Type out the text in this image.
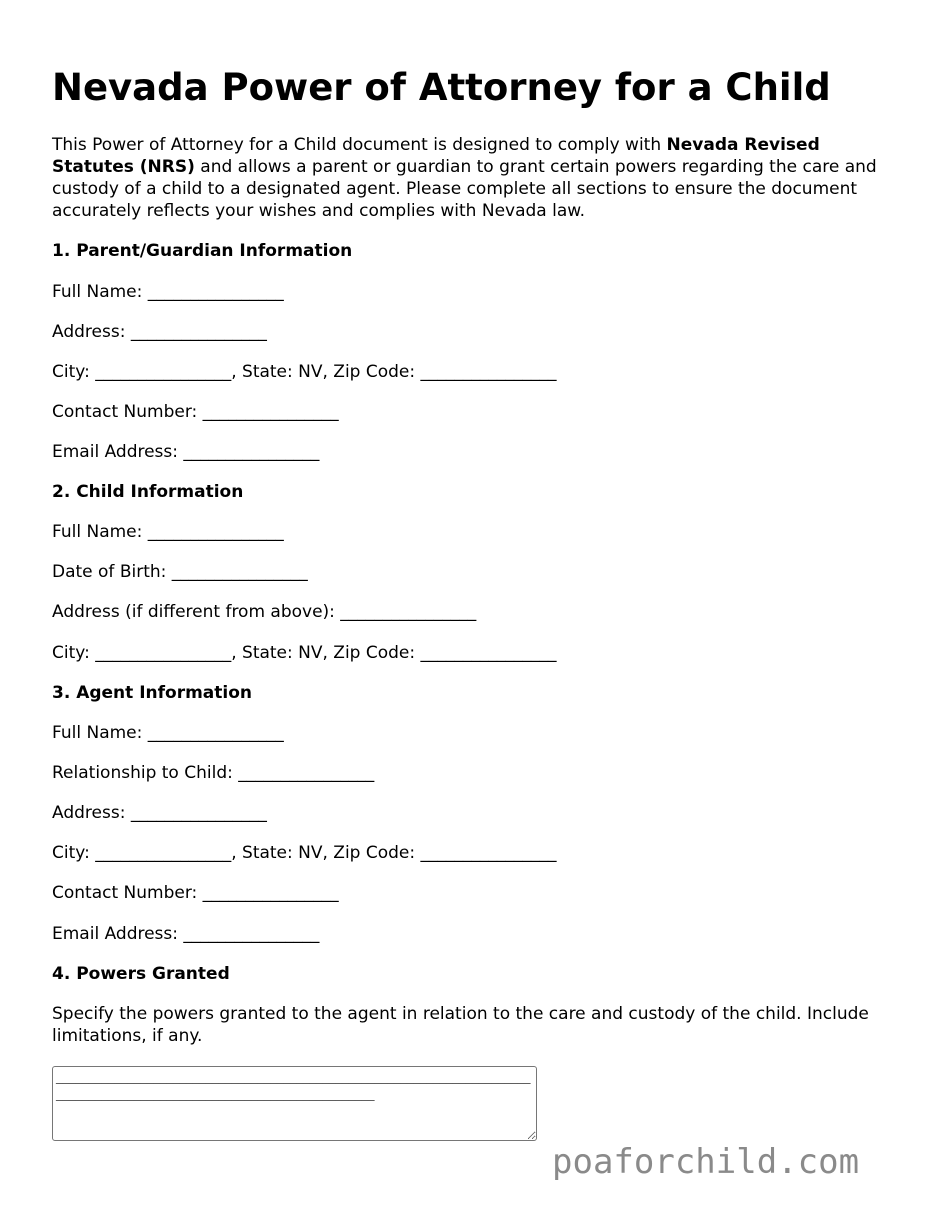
Nevada Power of Attorney for a Child

This Power of Attorney for a Child document is designed to comply with Nevada Revised Statutes (NRS) and allows a parent or guardian to grant certain powers regarding the care and custody of a child to a designated agent. Please complete all sections to ensure the document accurately reflects your wishes and complies with Nevada law.

1. Parent/Guardian Information
Full Name: ________________
Address: ________________
City: ________________, State: NV, Zip Code: ________________
Contact Number: ________________
Email Address: ________________
2. Child Information
Full Name: ________________
Date of Birth: ________________
Address (if different from above): ________________
City: ________________, State: NV, Zip Code: ________________
3. Agent Information
Full Name: ________________
Relationship to Child: ________________
Address: ________________
City: ________________, State: NV, Zip Code: ________________
Contact Number: ________________
Email Address: ________________
4. Powers Granted

Specify the powers granted to the agent in relation to the care and custody of the child. Include limitations, if any.

__________________________________________________________________________________________________________________________
poaforchild.com
